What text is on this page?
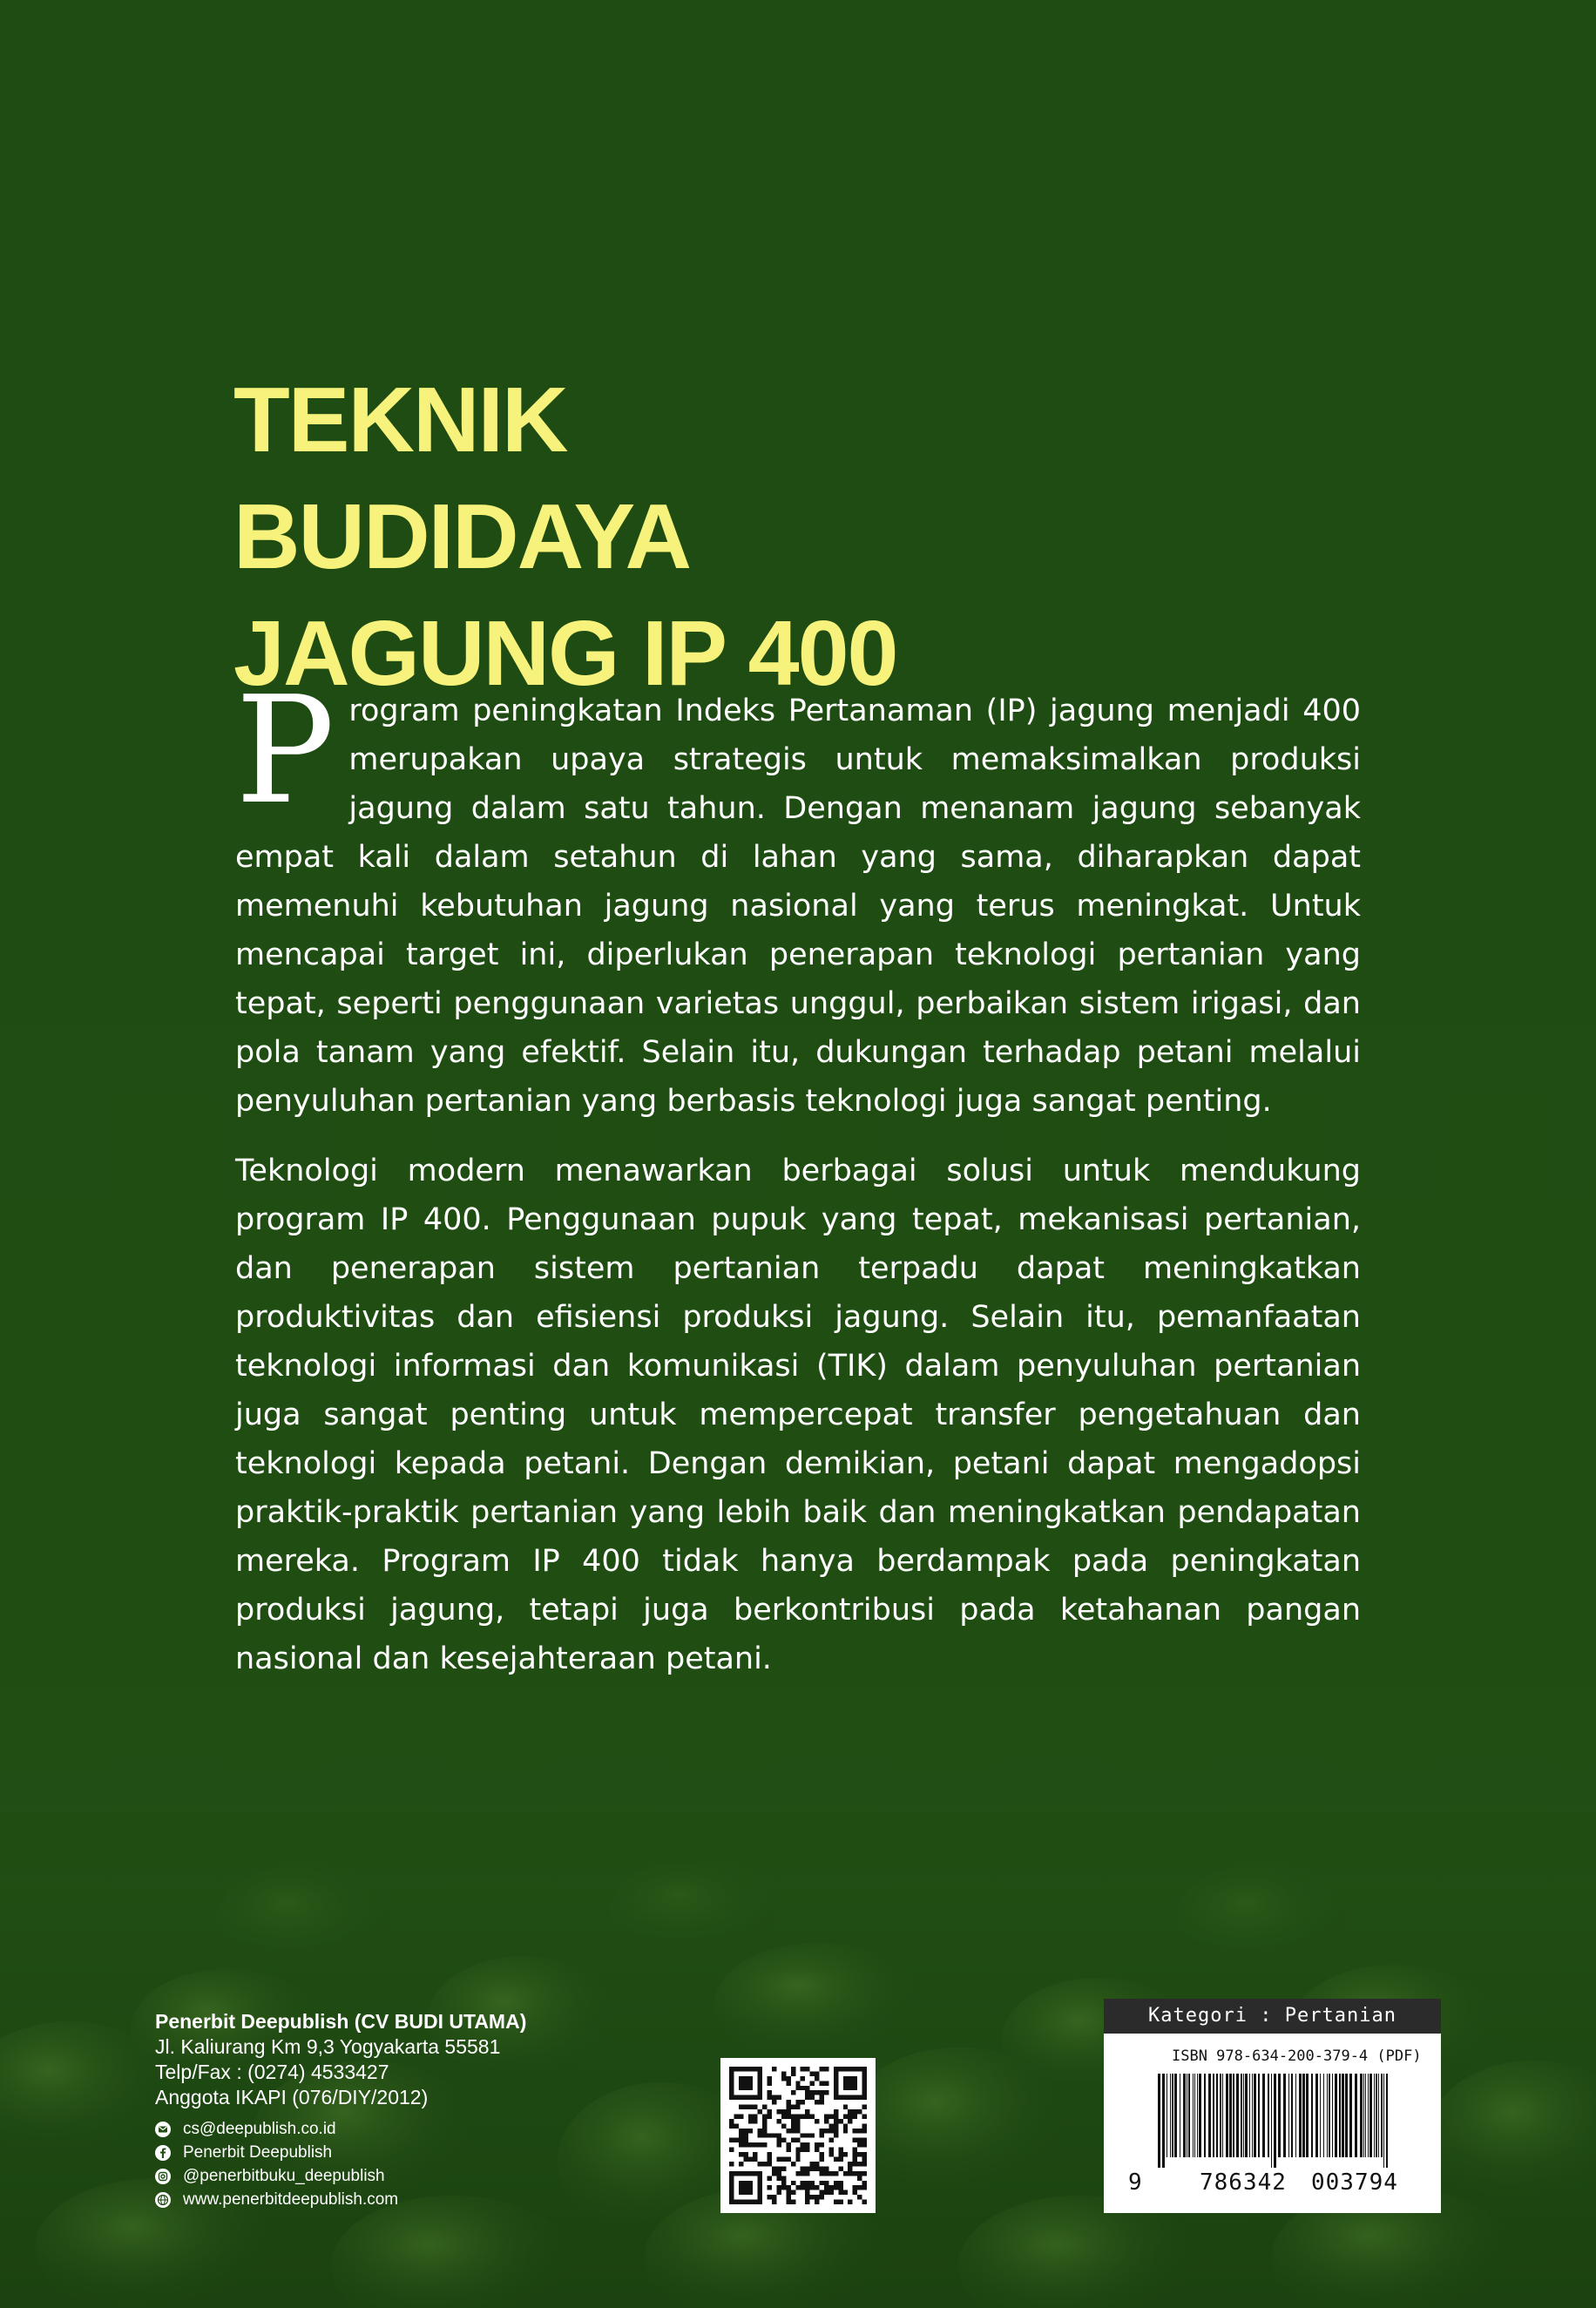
TEKNIK
BUDIDAYA
JAGUNG IP 400

Program peningkatan Indeks Pertanaman (IP) jagung menjadi 400 merupakan upaya strategis untuk memaksimalkan produksi jagung dalam satu tahun. Dengan menanam jagung sebanyak empat kali dalam setahun di lahan yang sama, diharapkan dapat memenuhi kebutuhan jagung nasional yang terus meningkat. Untuk mencapai target ini, diperlukan penerapan teknologi pertanian yang tepat, seperti penggunaan varietas unggul, perbaikan sistem irigasi, dan pola tanam yang efektif. Selain itu, dukungan terhadap petani melalui penyuluhan pertanian yang berbasis teknologi juga sangat penting.

Teknologi modern menawarkan berbagai solusi untuk mendukung program IP 400. Penggunaan pupuk yang tepat, mekanisasi pertanian, dan penerapan sistem pertanian terpadu dapat meningkatkan produktivitas dan efisiensi produksi jagung. Selain itu, pemanfaatan teknologi informasi dan komunikasi (TIK) dalam penyuluhan pertanian juga sangat penting untuk mempercepat transfer pengetahuan dan teknologi kepada petani. Dengan demikian, petani dapat mengadopsi praktik-praktik pertanian yang lebih baik dan meningkatkan pendapatan mereka. Program IP 400 tidak hanya berdampak pada peningkatan produksi jagung, tetapi juga berkontribusi pada ketahanan pangan nasional dan kesejahteraan petani.

Penerbit Deepublish (CV BUDI UTAMA)
Jl. Kaliurang Km 9,3 Yogyakarta 55581
Telp/Fax : (0274) 4533427
Anggota IKAPI (076/DIY/2012)
cs@deepublish.co.id
Penerbit Deepublish
@penerbitbuku_deepublish
www.penerbitdeepublish.com
Kategori : Pertanian
ISBN 978-634-200-379-4 (PDF)
9	786342 003794
